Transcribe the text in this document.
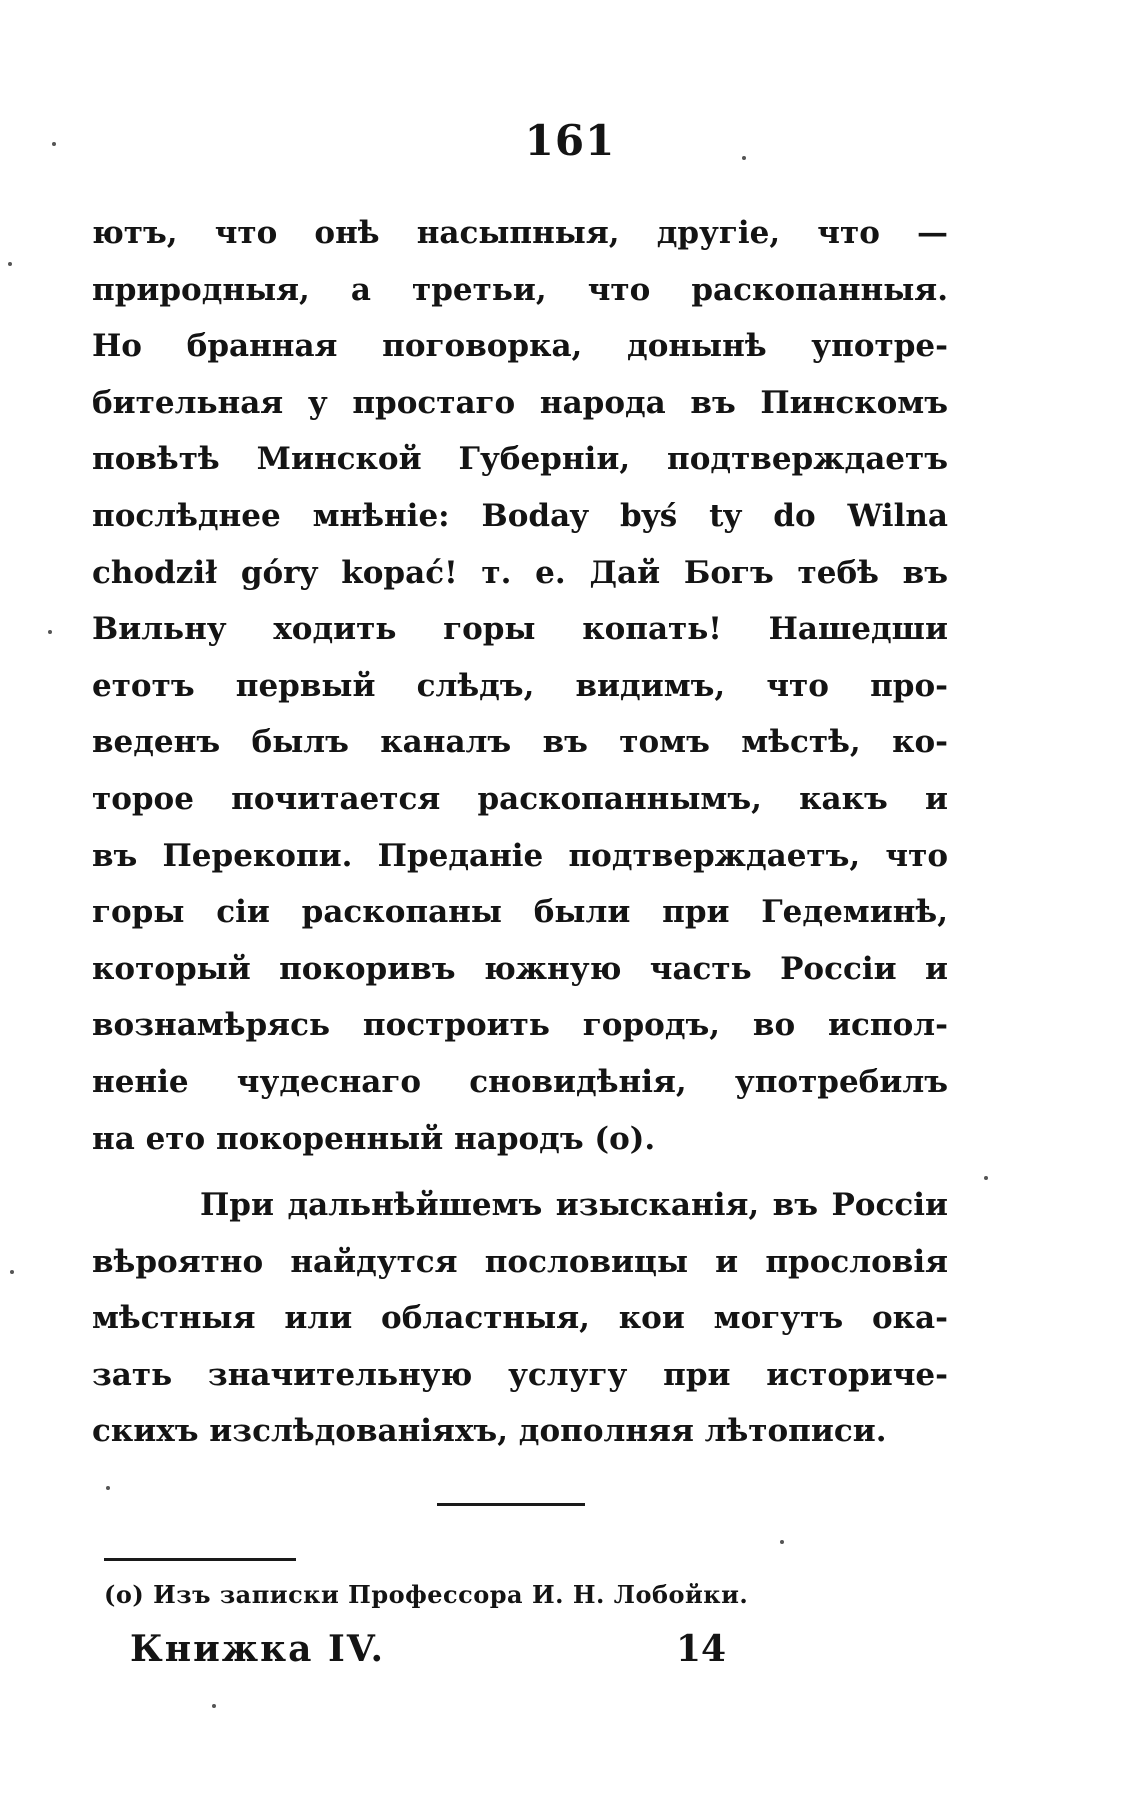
161
ютъ, что онѣ насыпныя, другіе, что —
природныя, а третьи, что раскопанныя.
Но бранная поговорка, донынѣ употре-
бительная у простаго народа въ Пинскомъ
повѣтѣ Минской Губерніи, подтверждаетъ
послѣднее мнѣніе: Boday byś ty do Wilna
chodził góry kopać! т. е. Дай Богъ тебѣ въ
Вильну ходить горы копать! Нашедши
етотъ первый слѣдъ, видимъ, что про-
веденъ былъ каналъ въ томъ мѣстѣ, ко-
торое почитается раскопаннымъ, какъ и
въ Перекопи. Преданіе подтверждаетъ, что
горы сіи раскопаны были при Гедеминѣ,
который покоривъ южную часть Россіи и
вознамѣрясь построить городъ, во испол-
неніе чудеснаго сновидѣнія, употребилъ
на ето покоренный народъ (о).
При дальнѣйшемъ изысканія, въ Россіи
вѣроятно найдутся пословицы и прословія
мѣстныя или областныя, кои могутъ ока-
зать значительную услугу при историче-
скихъ изслѣдованіяхъ, дополняя лѣтописи.
(о) Изъ записки Профессора И. Н. Лобойки.
Книжка IV.	14
